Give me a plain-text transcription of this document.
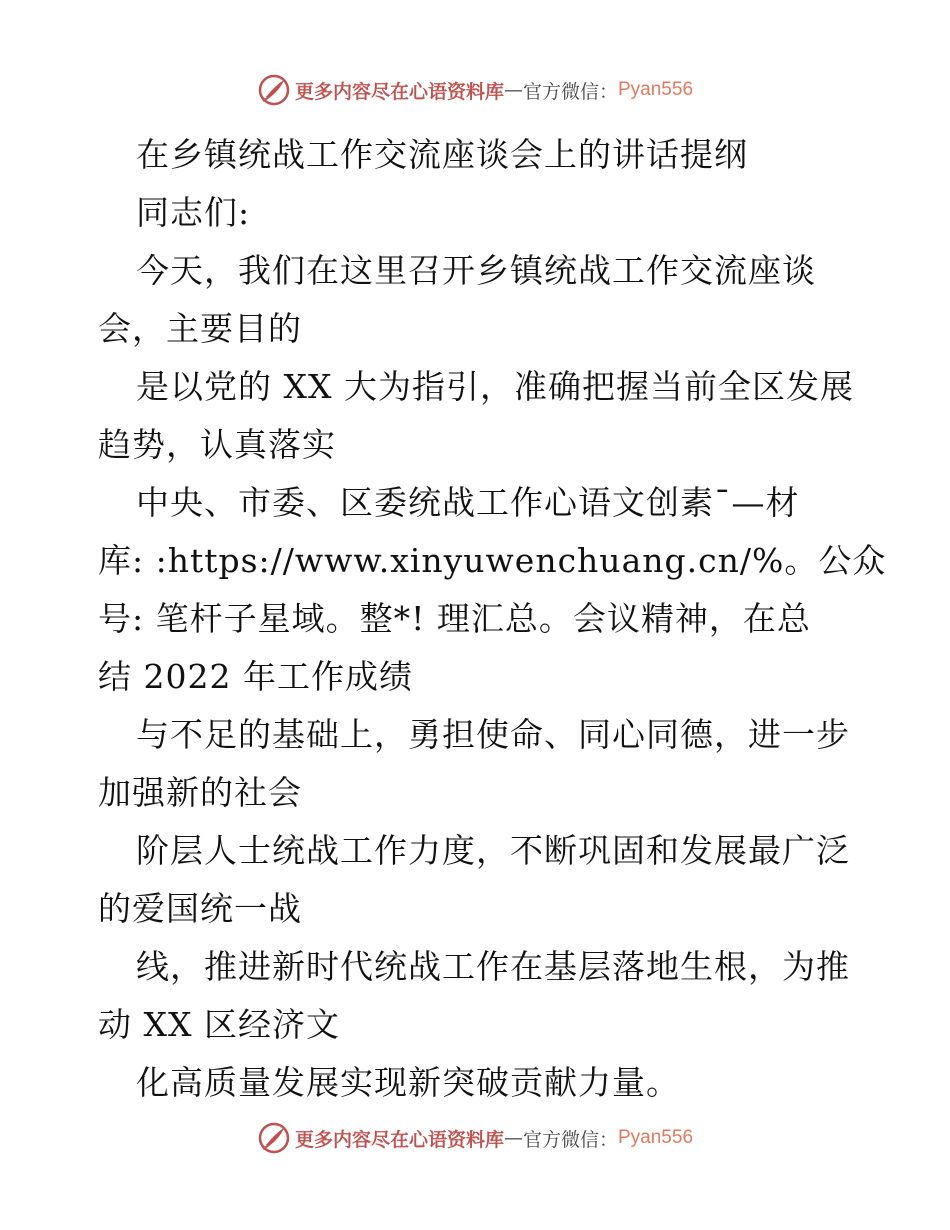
更多内容尽在心语资料库 — 官方微信： Pyan556

在乡镇统战工作交流座谈会上的讲话提纲

同志们:

今天，我们在这里召开乡镇统战工作交流座谈

会，主要目的

是以党的 XX 大为指引，准确把握当前全区发展

趋势，认真落实

中央、市委、区委统战工作心语文创素¯—材

库: :https://www.xinyuwenchuang.cn/%。公众

号: 笔杆子星域。整*! 理汇总。会议精神，在总

结 2022 年工作成绩

与不足的基础上，勇担使命、同心同德，进一步

加强新的社会

阶层人士统战工作力度，不断巩固和发展最广泛

的爱国统一战

线，推进新时代统战工作在基层落地生根，为推

动 XX 区经济文

化高质量发展实现新突破贡献力量。

更多内容尽在心语资料库 — 官方微信： Pyan556
